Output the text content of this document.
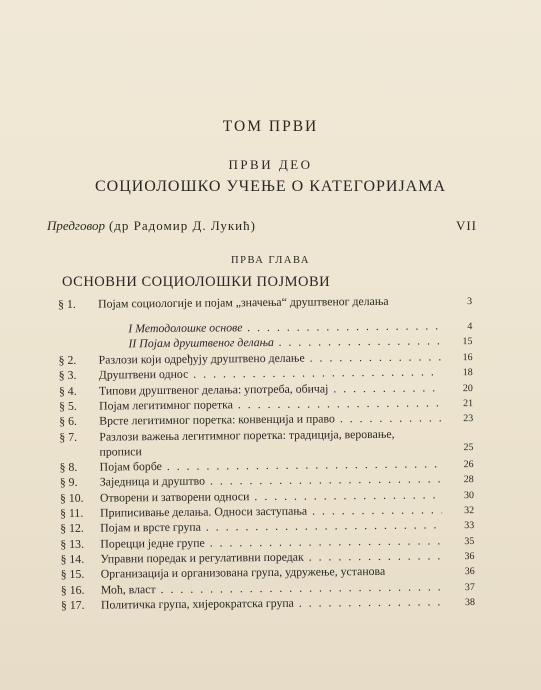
ТОМ ПРВИ
ПРВИ ДЕО
СОЦИОЛОШКО УЧЕЊЕ О КАТЕГОРИЈАМА
Предговор (др Радомир Д. Лукић)	VII
ПРВА ГЛАВА
ОСНОВНИ СОЦИОЛОШКИ ПОЈМОВИ
§ 1.	Појам социологије и појам „значења“ друштвеног делања	3
I Методолошке основе . . .	4
II Појам друштвеног делања . . .	15
§ 2.	Разлози који одређују друштвено делање . . .	16
§ 3.	Друштвени однос . . .	18
§ 4.	Типови друштвеног делања: употреба, обичај . . .	20
§ 5.	Појам легитимног поретка . . .	21
§ 6.	Врсте легитимног поретка: конвенција и право . . .	23
§ 7.	Разлози важења легитимног поретка: традиција, веровање, прописи	25
§ 8.	Појам борбе . . .	26
§ 9.	Заједница и друштво . . .	28
§ 10.	Отворени и затворени односи . . .	30
§ 11.	Приписивање делања. Односи заступања . . .	32
§ 12.	Појам и врсте група . . .	33
§ 13.	Порецци једне групе . . .	35
§ 14.	Управни поредак и регулативни поредак . . .	36
§ 15.	Организација и организована група, удружење, установа	36
§ 16.	Моћ, власт . . .	37
§ 17.	Политичка група, хијерократска група . . .	38
